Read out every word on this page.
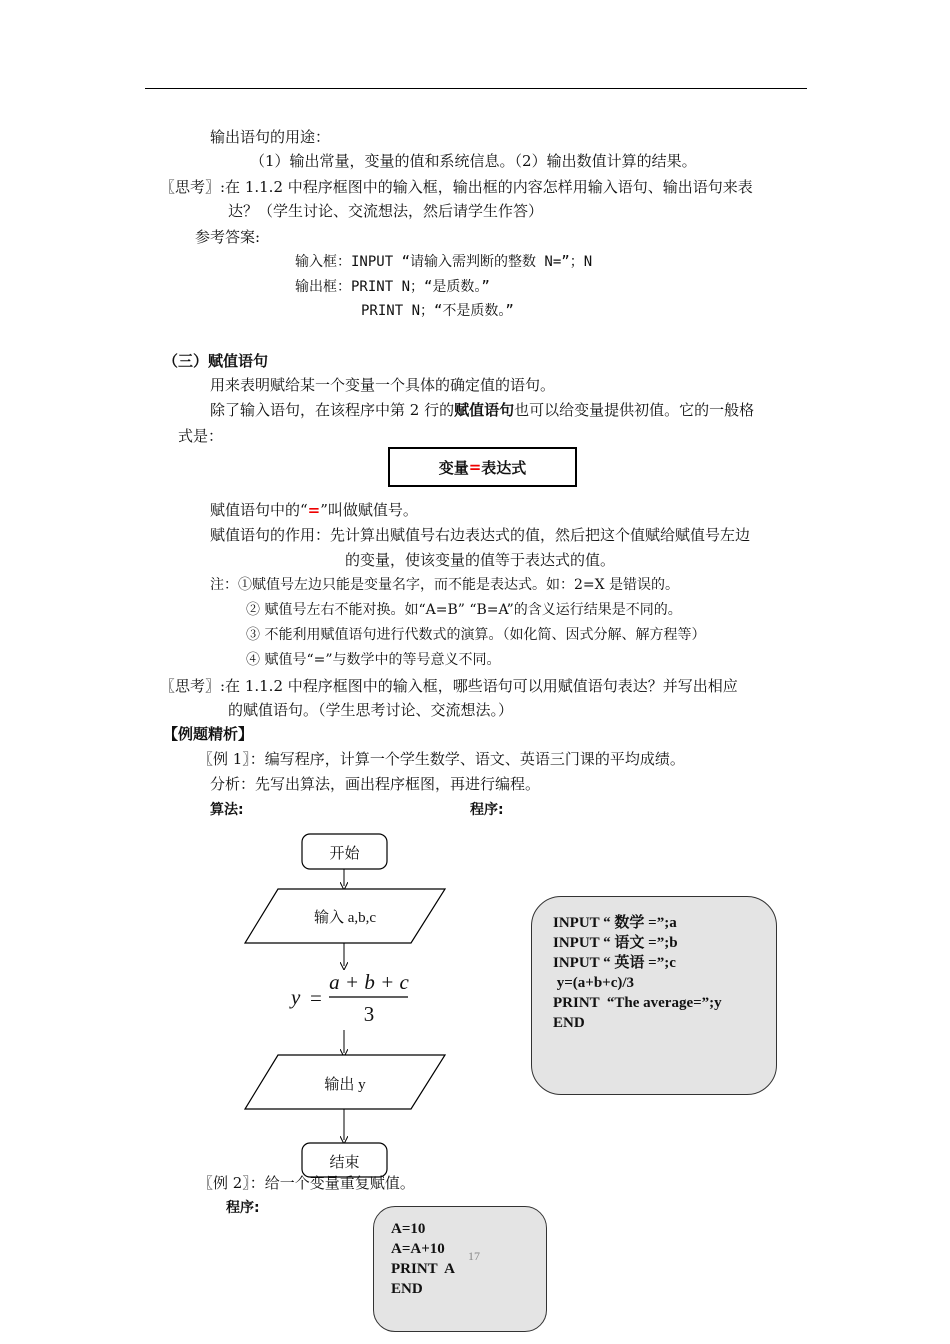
输出语句的用途：
（1）输出常量，变量的值和系统信息。（2）输出数值计算的结果。
〖思考〗:在 1.1.2 中程序框图中的输入框，输出框的内容怎样用输入语句、输出语句来表
达？（学生讨论、交流想法，然后请学生作答）
参考答案:
输入框：INPUT “请输入需判断的整数 N=”；N
输出框：PRINT N；“是质数。”
PRINT N；“不是质数。”
（三）赋值语句
用来表明赋给某一个变量一个具体的确定值的语句。
除了输入语句，在该程序中第 2 行的赋值语句也可以给变量提供初值。它的一般格
式是：
变量 = 表达式
赋值语句中的“=”叫做赋值号。
赋值语句的作用：先计算出赋值号右边表达式的值，然后把这个值赋给赋值号左边
的变量，使该变量的值等于表达式的值。
注：①赋值号左边只能是变量名字，而不能是表达式。如：2=X 是错误的。
② 赋值号左右不能对换。如“A=B” “B=A”的含义运行结果是不同的。
③ 不能利用赋值语句进行代数式的演算。（如化简、因式分解、解方程等）
④ 赋值号“=”与数学中的等号意义不同。
〖思考〗:在 1.1.2 中程序框图中的输入框，哪些语句可以用赋值语句表达？并写出相应
的赋值语句。（学生思考讨论、交流想法。）
【例题精析】
〖例 1〗：编写程序，计算一个学生数学、语文、英语三门课的平均成绩。
分析：先写出算法，画出程序框图，再进行编程。
算法:	程序:
开始
输入 a,b,c
y =
a + b + c
3
输出 y
结束
INPUT “ 数学 =”;a
INPUT “ 语文 =”;b
INPUT “ 英语 =”;c
y=(a+b+c)/3
PRINT  “The average=”;y
END
〖例 2〗：给一个变量重复赋值。
程序:
A=10
A=A+10
PRINT  A
END
17
